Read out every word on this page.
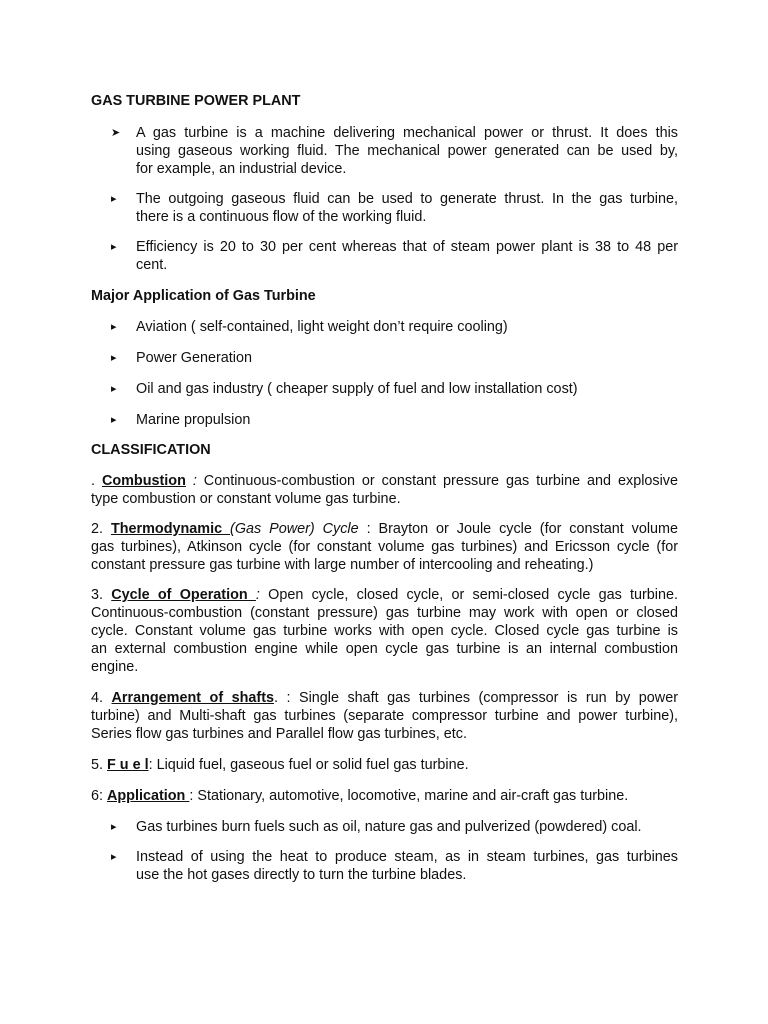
GAS TURBINE POWER PLANT
➤	A gas turbine is a machine delivering mechanical power or thrust. It does this
using gaseous working fluid. The mechanical power generated can be used by,
for example, an industrial device.
▸	The outgoing gaseous fluid can be used to generate thrust. In the gas turbine,
there is a continuous flow of the working fluid.
▸	Efficiency is 20 to 30 per cent whereas that of steam power plant is 38 to 48 per
cent.
Major Application of Gas Turbine
▸	Aviation ( self-contained, light weight don’t require cooling)
▸	Power Generation
▸	Oil and gas industry ( cheaper supply of fuel and low installation cost)
▸	Marine propulsion
CLASSIFICATION
. Combustion : Continuous-combustion or constant pressure gas turbine and explosive
type combustion or constant volume gas turbine.
2. Thermodynamic (Gas Power) Cycle : Brayton or Joule cycle (for constant volume
gas turbines), Atkinson cycle (for constant volume gas turbines) and Ericsson cycle (for
constant pressure gas turbine with large number of intercooling and reheating.)
3. Cycle of Operation : Open cycle, closed cycle, or semi-closed cycle gas turbine.
Continuous-combustion (constant pressure) gas turbine may work with open or closed
cycle. Constant volume gas turbine works with open cycle. Closed cycle gas turbine is
an external combustion engine while open cycle gas turbine is an internal combustion
engine.
4. Arrangement of shafts. : Single shaft gas turbines (compressor is run by power
turbine) and Multi-shaft gas turbines (separate compressor turbine and power turbine),
Series flow gas turbines and Parallel flow gas turbines, etc.
5. F u e l: Liquid fuel, gaseous fuel or solid fuel gas turbine.
6: Application : Stationary, automotive, locomotive, marine and air-craft gas turbine.
▸	Gas turbines burn fuels such as oil, nature gas and pulverized (powdered) coal.
▸	Instead of using the heat to produce steam, as in steam turbines, gas turbines
use the hot gases directly to turn the turbine blades.
